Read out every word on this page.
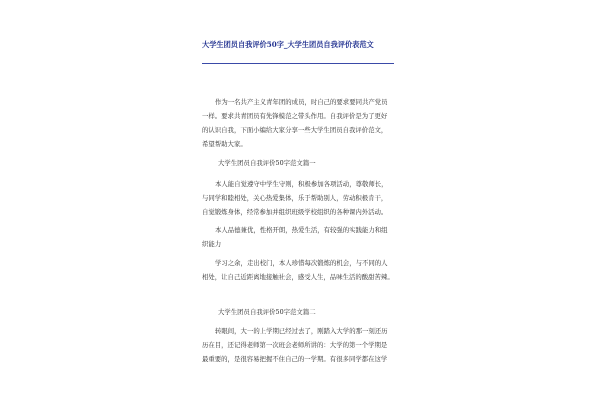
大学生团员自我评价50字_大学生团员自我评价表范文
作为一名共产主义青年团的成员，时自己的要求要同共产党员
一样。要求共青团员有先锋模范之带头作用。自我评价是为了更好
的认识自我，下面小编给大家分享一些大学生团员自我评价范文，
希望帮助大家。
大学生团员自我评价50字范文篇一
本人能自觉遵守中学生守则，积极参加各项活动，尊敬师长，
与同学和睦相处，关心热爱集体，乐于帮助别人，劳动积极肯干，
自觉锻炼身体，经常参加并组织班级学校组织的各种课内外活动。
本人品德兼优，性格开朗，热爱生活，有较强的实践能力和组
织能力
学习之余，走出校门，本人珍惜每次锻炼的机会，与不同的人
相处，让自己近距离地接触社会，感受人生，品味生活的酸甜苦辣。
大学生团员自我评价50字范文篇二
转眼间，大一的上学期已经过去了，刚踏入大学的那一刻还历
历在目，还记得老师第一次班会老师所讲的：大学的第一个学期是
最重要的，是很容易把握不住自己的一学期。有很多同学都在这学
